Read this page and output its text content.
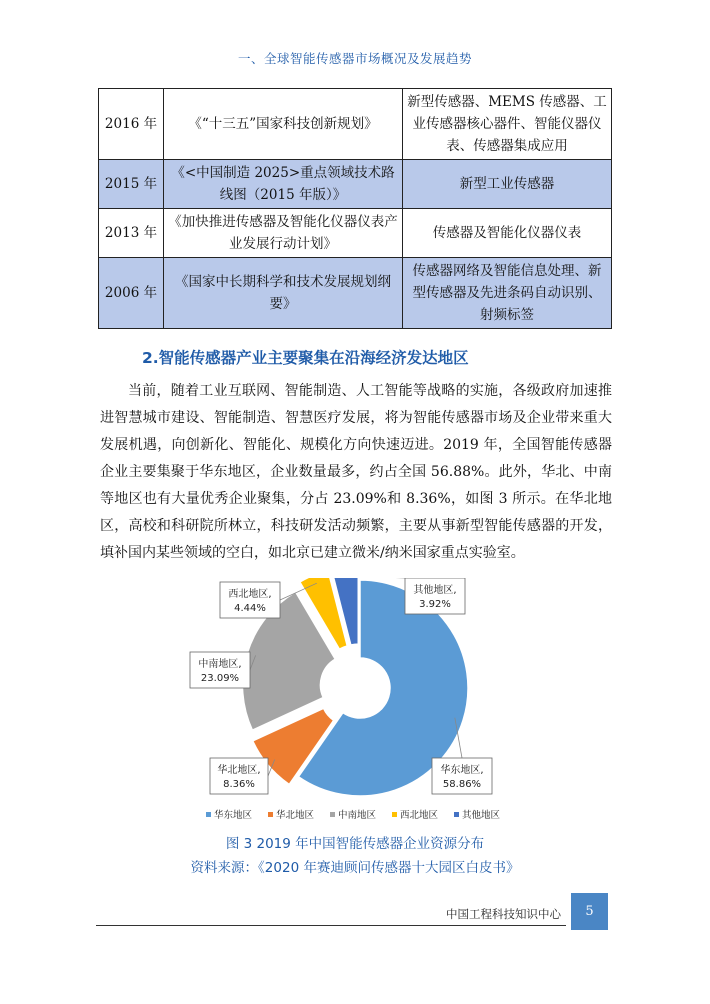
一、全球智能传感器市场概况及发展趋势
2016 年	《“十三五”国家科技创新规划》	新型传感器、MEMS 传感器、工业传感器核心器件、智能仪器仪表、传感器集成应用
2015 年	《<中国制造 2025>重点领域技术路线图（2015 年版）》	新型工业传感器
2013 年	《加快推进传感器及智能化仪器仪表产业发展行动计划》	传感器及智能化仪器仪表
2006 年	《国家中长期科学和技术发展规划纲要》	传感器网络及智能信息处理、新型传感器及先进条码自动识别、射频标签
2.智能传感器产业主要聚集在沿海经济发达地区
当前，随着工业互联网、智能制造、人工智能等战略的实施，各级政府加速推进智慧城市建设、智能制造、智慧医疗发展，将为智能传感器市场及企业带来重大发展机遇，向创新化、智能化、规模化方向快速迈进。2019 年，全国智能传感器企业主要集聚于华东地区，企业数量最多，约占全国 56.88%。此外，华北、中南等地区也有大量优秀企业聚集，分占 23.09%和 8.36%，如图 3 所示。在华北地区，高校和科研院所林立，科技研发活动频繁，主要从事新型智能传感器的开发，填补国内某些领域的空白，如北京已建立微米/纳米国家重点实验室。
华东地区,
58.86%
华北地区,
8.36%
中南地区,
23.09%
西北地区,
4.44%
其他地区,
3.92%
华东地区	华北地区	中南地区	西北地区	其他地区
图 3 2019 年中国智能传感器企业资源分布
资料来源：《2020 年赛迪顾问传感器十大园区白皮书》
中国工程科技知识中心	5
